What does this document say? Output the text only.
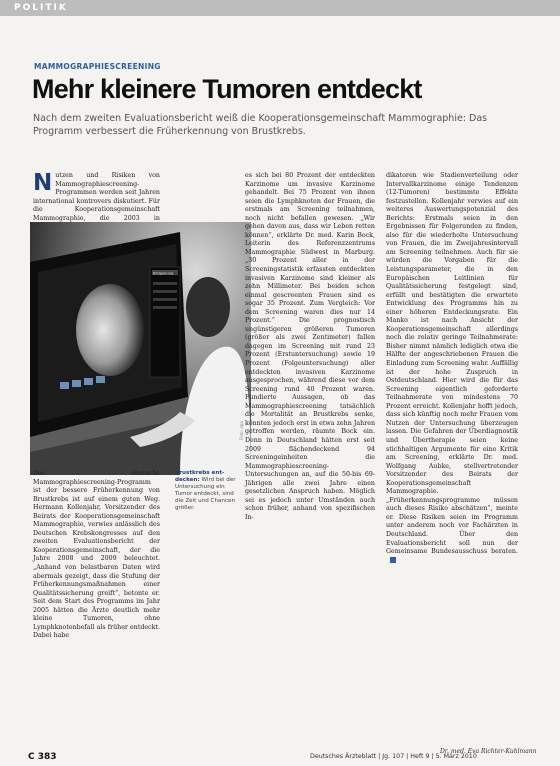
POLITIK
MAMMOGRAPHIESCREENING
Mehr kleinere Tumoren entdeckt
Nach dem zweiten Evaluationsbericht weiß die Kooperationsgemeinschaft Mammographie: Das Programm verbessert die Früherkennung von Brustkrebs.

Nutzen und Risiken von Mammographiescreening-Programmen werden seit Jahren international kontrovers diskutiert. Für die Kooperationsgemeinschaft Mammographie, die 2003 in

Bildgebung
Foto: dpa
Brustkrebs ent-decken: Wird bei der Untersuchung ein Tumor entdeckt, sind die Zeit und Chancen größer.

Das deutsche Mammographiescreening-Programm ist der bessere Früherkennung von Brustkrebs ist auf einem guten Weg. Hermann Kollenjahr, Vorsitzender des Beirats der Kooperationsgemeinschaft Mammographie, verwies anlässlich des Deutschen Krebskongresses auf den zweiten Evaluationsbericht der Kooperationsgemeinschaft, der die Jahre 2008 und 2009 beleuchtet. „Anhand von belastbaren Daten wird abermals gezeigt, dass die Stufung der Früherkennungsmaßnahmen einer Qualitätssicherung greift“, betonte er. Seit dem Start des Programms im Jahr 2005 hätten die Ärzte deutlich mehr kleine Tumoren, ohne Lymphknotenbefall als früher entdeckt. Dabei habe

es sich bei 80 Prozent der entdeckten Karzinome um invasive Karzinome gehandelt. Bei 75 Prozent von ihnen seien die Lymphknoten der Frauen, die erstmals am Screening teilnahmen, noch nicht befallen gewesen. „Wir gehen davon aus, dass wir Leben retten können“, erklärte Dr. med. Karin Bock, Leiterin des Referenzzentrums Mammographie Südwest in Marburg. „30 Prozent aller in der Screeningstatistik erfassten entdeckten invasiven Karzinome sind kleiner als zehn Millimeter. Bei beiden schon einmal gescreenten Frauen sind es sogar 35 Prozent. Zum Vergleich: Vor dem Screening waren dies nur 14 Prozent.“ Die prognostisch ungünstigeren größeren Tumoren (größer als zwei Zentimeter) fallen dagegen im Screening mit rund 23 Prozent (Erstuntersuchung) sowie 19 Prozent (Folgeuntersuchung) aller entdeckten invasiven Karzinome ausgesprochen, während diese vor dem Screening rund 40 Prozent waren. Fundierte Aussagen, ob das Mammographiescreening tatsächlich die Mortalität an Brustkrebs senke, könnten jedoch erst in etwa zehn Jahren getroffen werden, räumte Bock ein. Denn in Deutschland hätten erst seit 2009 flächendeckend 94 Screeningeinheiten die Mammographiescreening-Untersuchungen an, auf die 50-bis 69-Jährigen alle zwei Jahre einen gesetzlichen Anspruch haben. Möglich sei es jedoch unter Umständen auch schon früher, anhand von spezifischen In-

dikatoren wie Stadienverteilung oder Intervallkarzinome einige Tendenzen (12-Tumoren) bestimmte Effekte festzustellen. Kollenjahr verwies auf ein weiteres Auswertungspotenzial des Berichts: Erstmals seien in den Ergebnissen für Folgerunden zu finden, also für die wiederholte Untersuchung von Frauen, die im Zweijahresintervall am Screening teilnehmen. Auch für sie würden die Vorgaben für die Leistungsparameter, die in den Europäischen Leitlinien für Qualitätssicherung festgelegt sind, erfüllt und bestätigten die erwartete Entwicklung des Programms hin zu einer höheren Entdeckungsrate. Ein Manko ist nach Ansicht der Kooperationsgemeinschaft allerdings noch die relativ geringe Teilnahmerate: Bisher nimmt nämlich lediglich etwa die Hälfte der angeschriebenen Frauen die Einladung zum Screening wahr. Auffällig ist der hohe Zuspruch in Ostdeutschland. Hier wird die für das Screening eigentlich geforderte Teilnahmerate von mindestens 70 Prozent erreicht. Kollenjahr hofft jedoch, dass sich künftig noch mehr Frauen vom Nutzen der Untersuchung überzeugen lassen. Die Gefahren der Überdiagnostik und Übertherapie seien keine stichhaltigen Argumente für eine Kritik am Screening, erklärte Dr. med. Wolfgang Aubke, stellvertretender Vorsitzender des Beirats der Kooperationsgemeinschaft Mammographie. „Früherkennungsprogramme müssen auch dieses Risiko abschätzen“, meinte er. Diese Risiken seien im Programm unter anderem noch vor Fachärzten in Deutschland. Über den Evaluationsbericht soll nun der Gemeinsame Bundesausschuss beraten.

Dr. med. Eva Richter-Kuhlmann
C 383	Deutsches Ärzteblatt | Jg. 107 | Heft 9 | 5. März 2010
